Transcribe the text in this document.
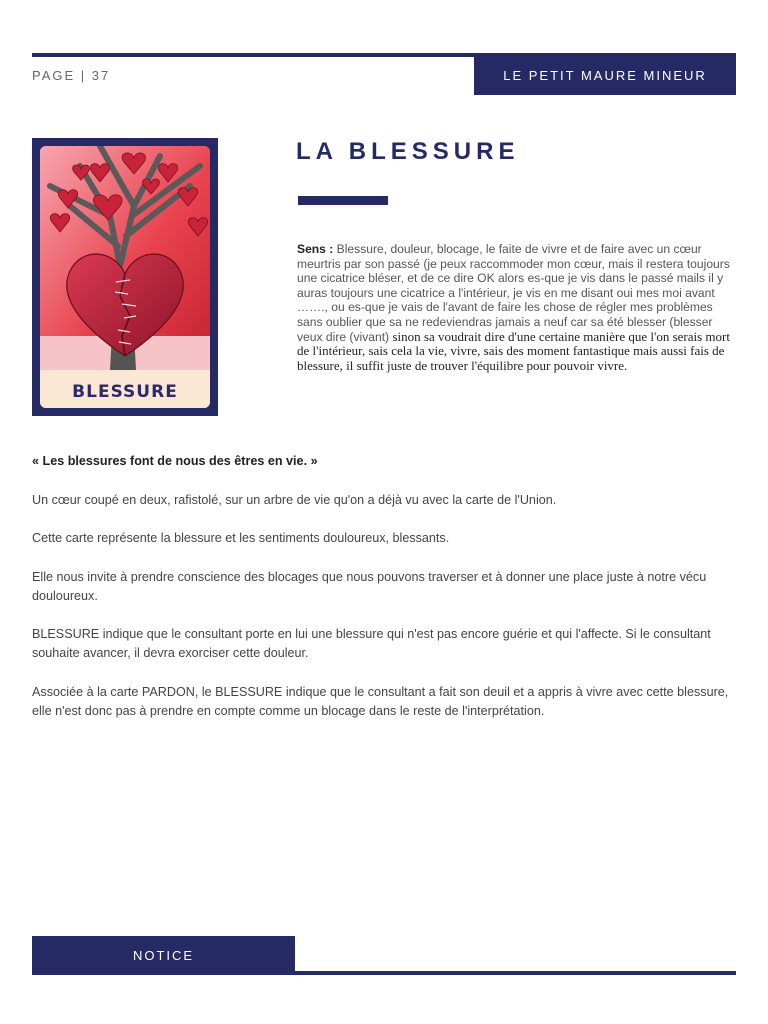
PAGE | 37	LE PETIT MAURE MINEUR
BLESSURE
LA BLESSURE
Sens : Blessure, douleur, blocage, le faite de vivre et de faire avec un cœur meurtris par son passé (je peux raccommoder mon cœur, mais il restera toujours une cicatrice bléser, et de ce dire OK alors es-que je vis dans le passé mails il y auras toujours une cicatrice a l'intérieur, je vis en me disant oui mes moi avant ……., ou es-que je vais de l'avant de faire les chose de régler mes problèmes sans oublier que sa ne redeviendras jamais a neuf car sa été blesser (blesser veux dire (vivant) sinon sa voudrait dire d'une certaine manière que l'on serais mort de l'intérieur, sais cela la vie, vivre, sais des moment fantastique mais aussi fais de blessure, il suffit juste de trouver l'équilibre pour pouvoir vivre.

« Les blessures font de nous des êtres en vie. »

Un cœur coupé en deux, rafistolé, sur un arbre de vie qu'on a déjà vu avec la carte de l'Union.

Cette carte représente la blessure et les sentiments douloureux, blessants.

Elle nous invite à prendre conscience des blocages que nous pouvons traverser et à donner une place juste à notre vécu douloureux.

BLESSURE indique que le consultant porte en lui une blessure qui n'est pas encore guérie et qui l'affecte. Si le consultant souhaite avancer, il devra exorciser cette douleur.

Associée à la carte PARDON, le BLESSURE indique que le consultant a fait son deuil et a appris à vivre avec cette blessure, elle n'est donc pas à prendre en compte comme un blocage dans le reste de l'interprétation.

NOTICE
